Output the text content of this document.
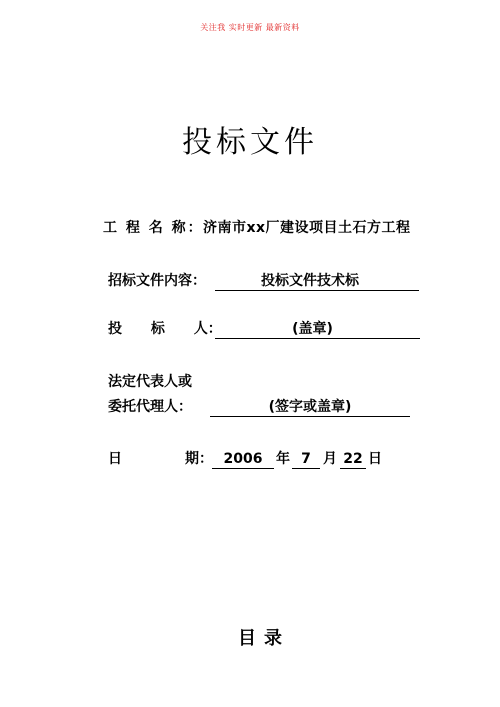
关注我 实时更新 最新资料
投标文件
工 程 名 称： 济南市xx厂建设项目土石方工程
招标文件内容：	投标文件技术标
投 标 人：	(盖章)
法定代表人或
委托代理人：	(签字或盖章)
日	期： 2006 年 7 月 22 日
目录
